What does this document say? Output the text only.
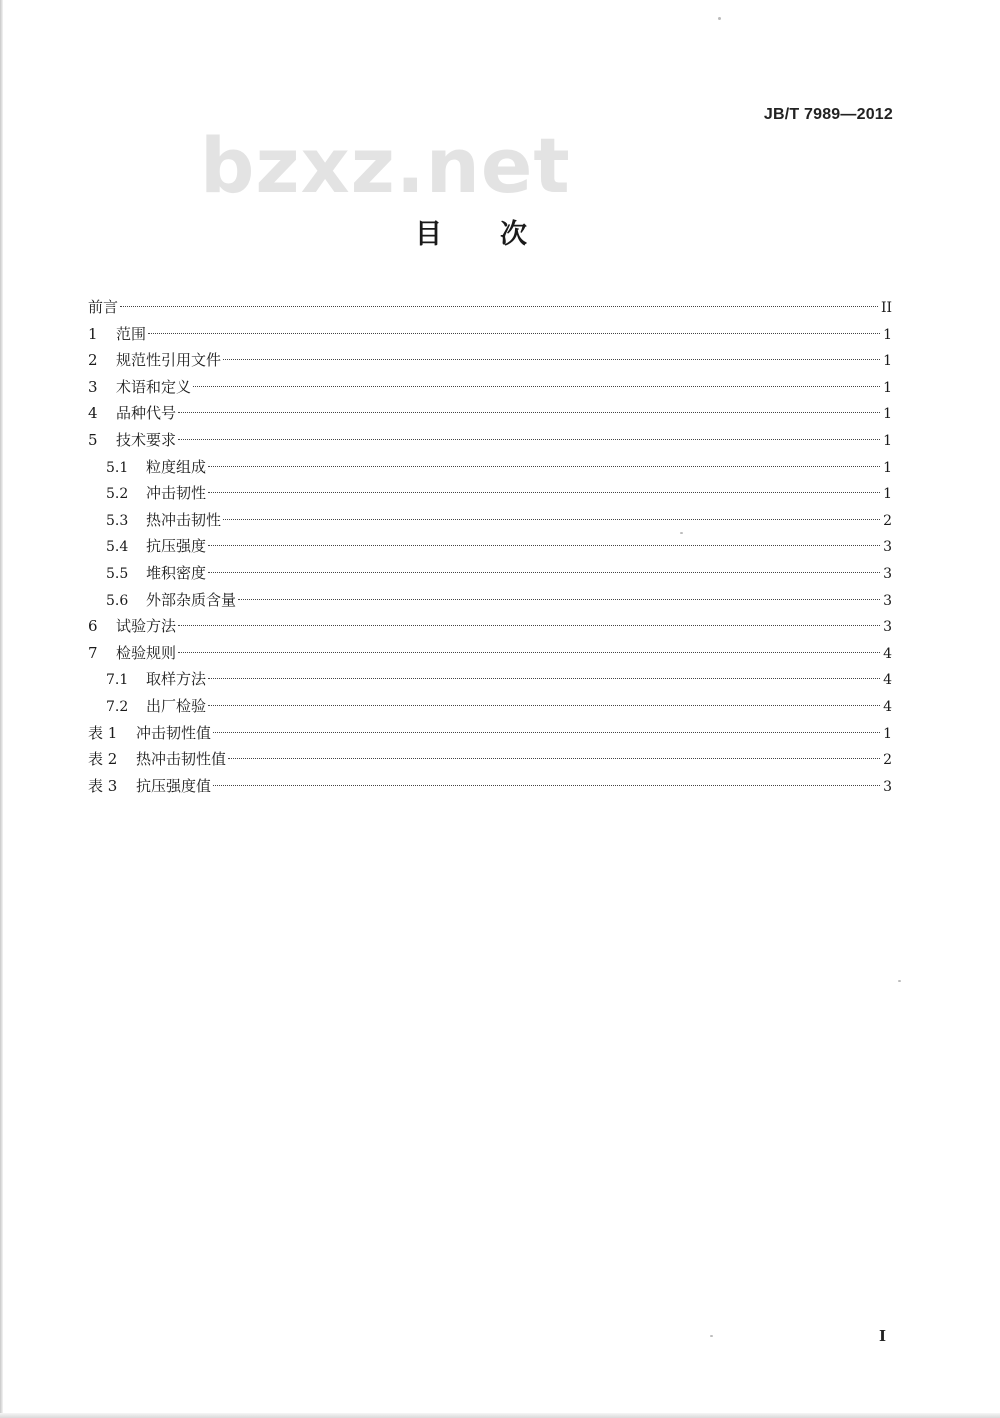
JB/T 7989—2012
bzxz.net
目次
前言	II
1	范围	1
2	规范性引用文件	1
3	术语和定义	1
4	品种代号	1
5	技术要求	1
5.1	粒度组成	1
5.2	冲击韧性	1
5.3	热冲击韧性	2
5.4	抗压强度	3
5.5	堆积密度	3
5.6	外部杂质含量	3
6	试验方法	3
7	检验规则	4
7.1	取样方法	4
7.2	出厂检验	4
表 1	冲击韧性值	1
表 2	热冲击韧性值	2
表 3	抗压强度值	3
I
